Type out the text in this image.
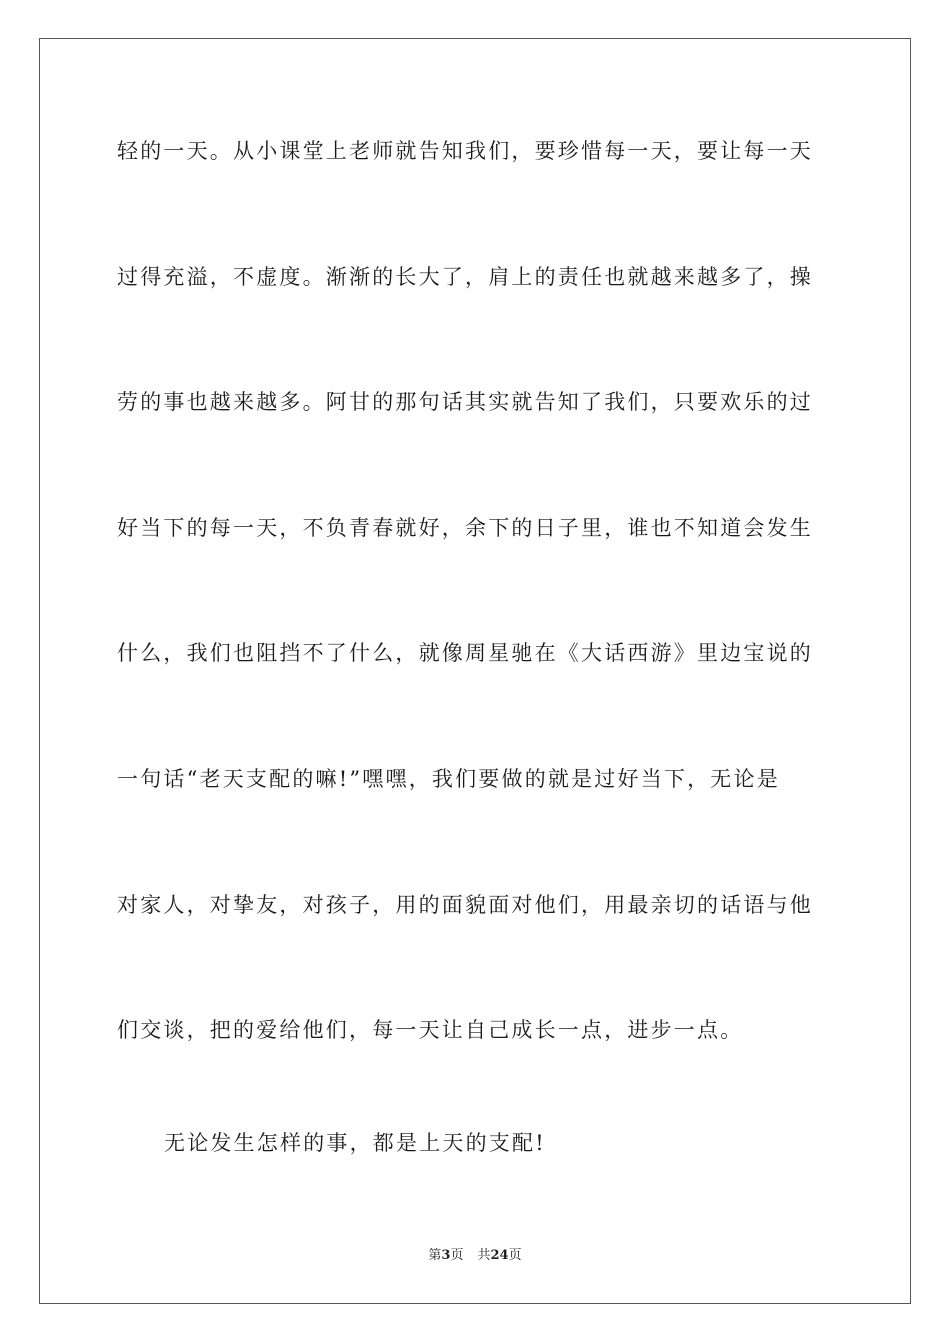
轻的一天。从小课堂上老师就告知我们，要珍惜每一天，要让每一天
过得充溢，不虚度。渐渐的长大了，肩上的责任也就越来越多了，操
劳的事也越来越多。阿甘的那句话其实就告知了我们，只要欢乐的过
好当下的每一天，不负青春就好，余下的日子里，谁也不知道会发生
什么，我们也阻挡不了什么，就像周星驰在《大话西游》里边宝说的
一句话“老天支配的嘛!”嘿嘿，我们要做的就是过好当下，无论是
对家人，对挚友，对孩子，用的面貌面对他们，用最亲切的话语与他
们交谈，把的爱给他们，每一天让自己成长一点，进步一点。

无论发生怎样的事，都是上天的支配!

第3页 共24页
